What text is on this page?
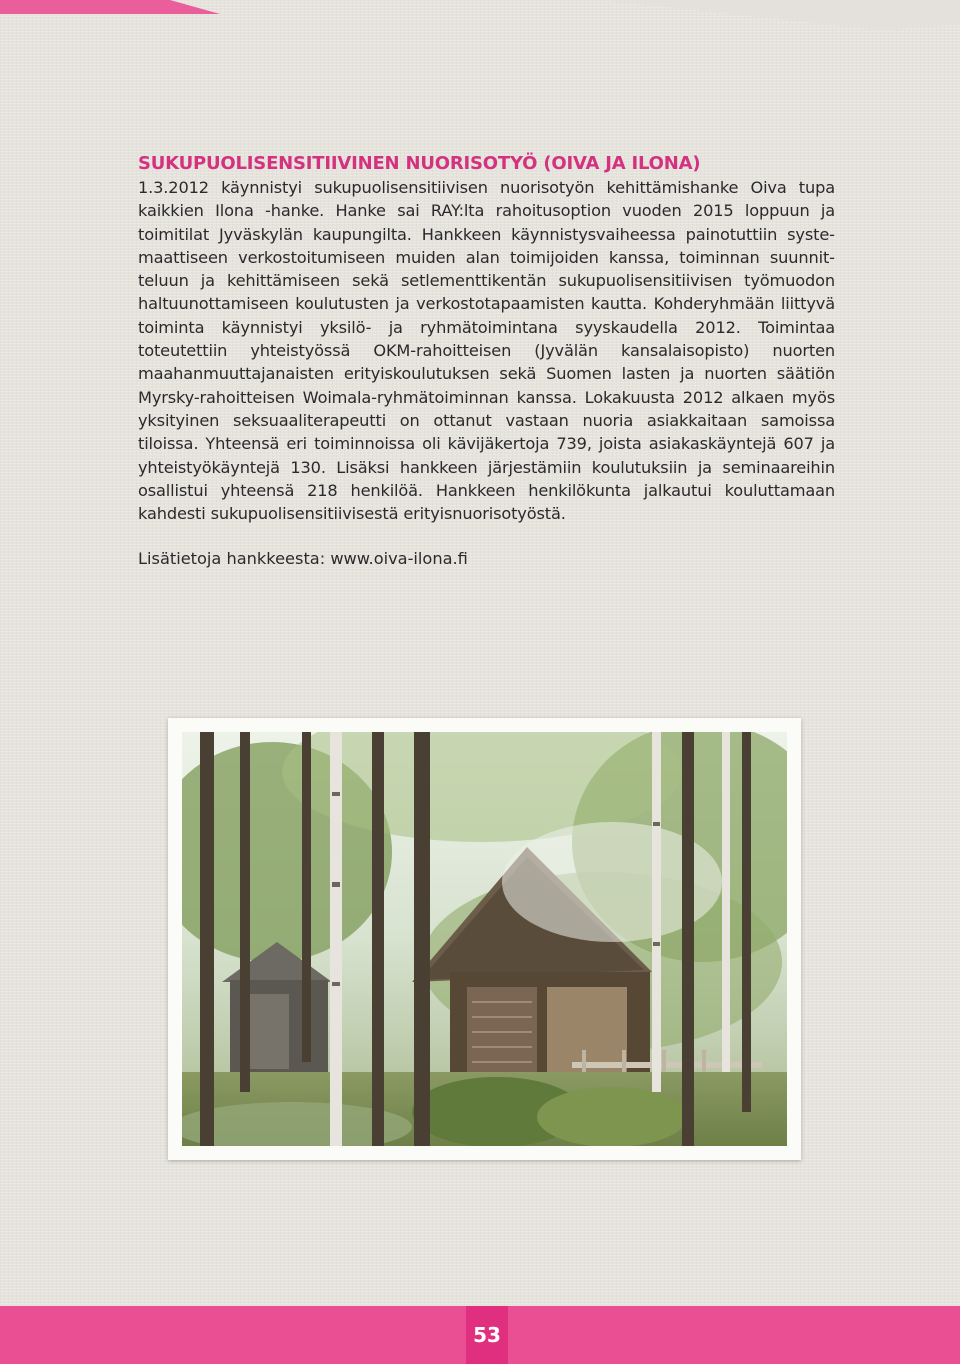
SUKUPUOLISENSITIIVINEN NUORISOTYÖ (OIVA JA ILONA)

1.3.2012 käynnistyi sukupuolisensitiivisen nuorisotyön kehittämishanke Oiva tupa kaikkien Ilona -hanke. Hanke sai RAY:lta rahoitusoption vuoden 2015 loppuun ja toimitilat Jyväskylän kaupungilta. Hankkeen käynnistysvaiheessa painotuttiin systemaattiseen verkostoitumiseen muiden alan toimijoiden kanssa, toiminnan suunnitteluun ja kehittämiseen sekä setlementtikentän sukupuolisensitiivisen työmuodon haltuunottamiseen koulutusten ja verkostotapaamisten kautta. Kohderyhmään liittyvä toiminta käynnistyi yksilö- ja ryhmätoimintana syyskaudella 2012. Toimintaa toteutettiin yhteistyössä OKM-rahoitteisen (Jyvälän kansalaisopisto) nuorten maahanmuuttajanaisten erityiskoulutuksen sekä Suomen lasten ja nuorten säätiön Myrsky-rahoitteisen Woimala-ryhmätoiminnan kanssa. Lokakuusta 2012 alkaen myös yksityinen seksuaaliterapeutti on ottanut vastaan nuoria asiakkaitaan samoissa tiloissa. Yhteensä eri toiminnoissa oli kävijäkertoja 739, joista asiakaskäyntejä 607 ja yhteistyökäyntejä 130. Lisäksi hankkeen järjestämiin koulutuksiin ja seminaareihin osallistui yhteensä 218 henkilöä. Hankkeen henkilökunta jalkautui kouluttamaan kahdesti sukupuolisensitiivisestä erityisnuorisotyöstä.

Lisätietoja hankkeesta: www.oiva-ilona.fi
53
